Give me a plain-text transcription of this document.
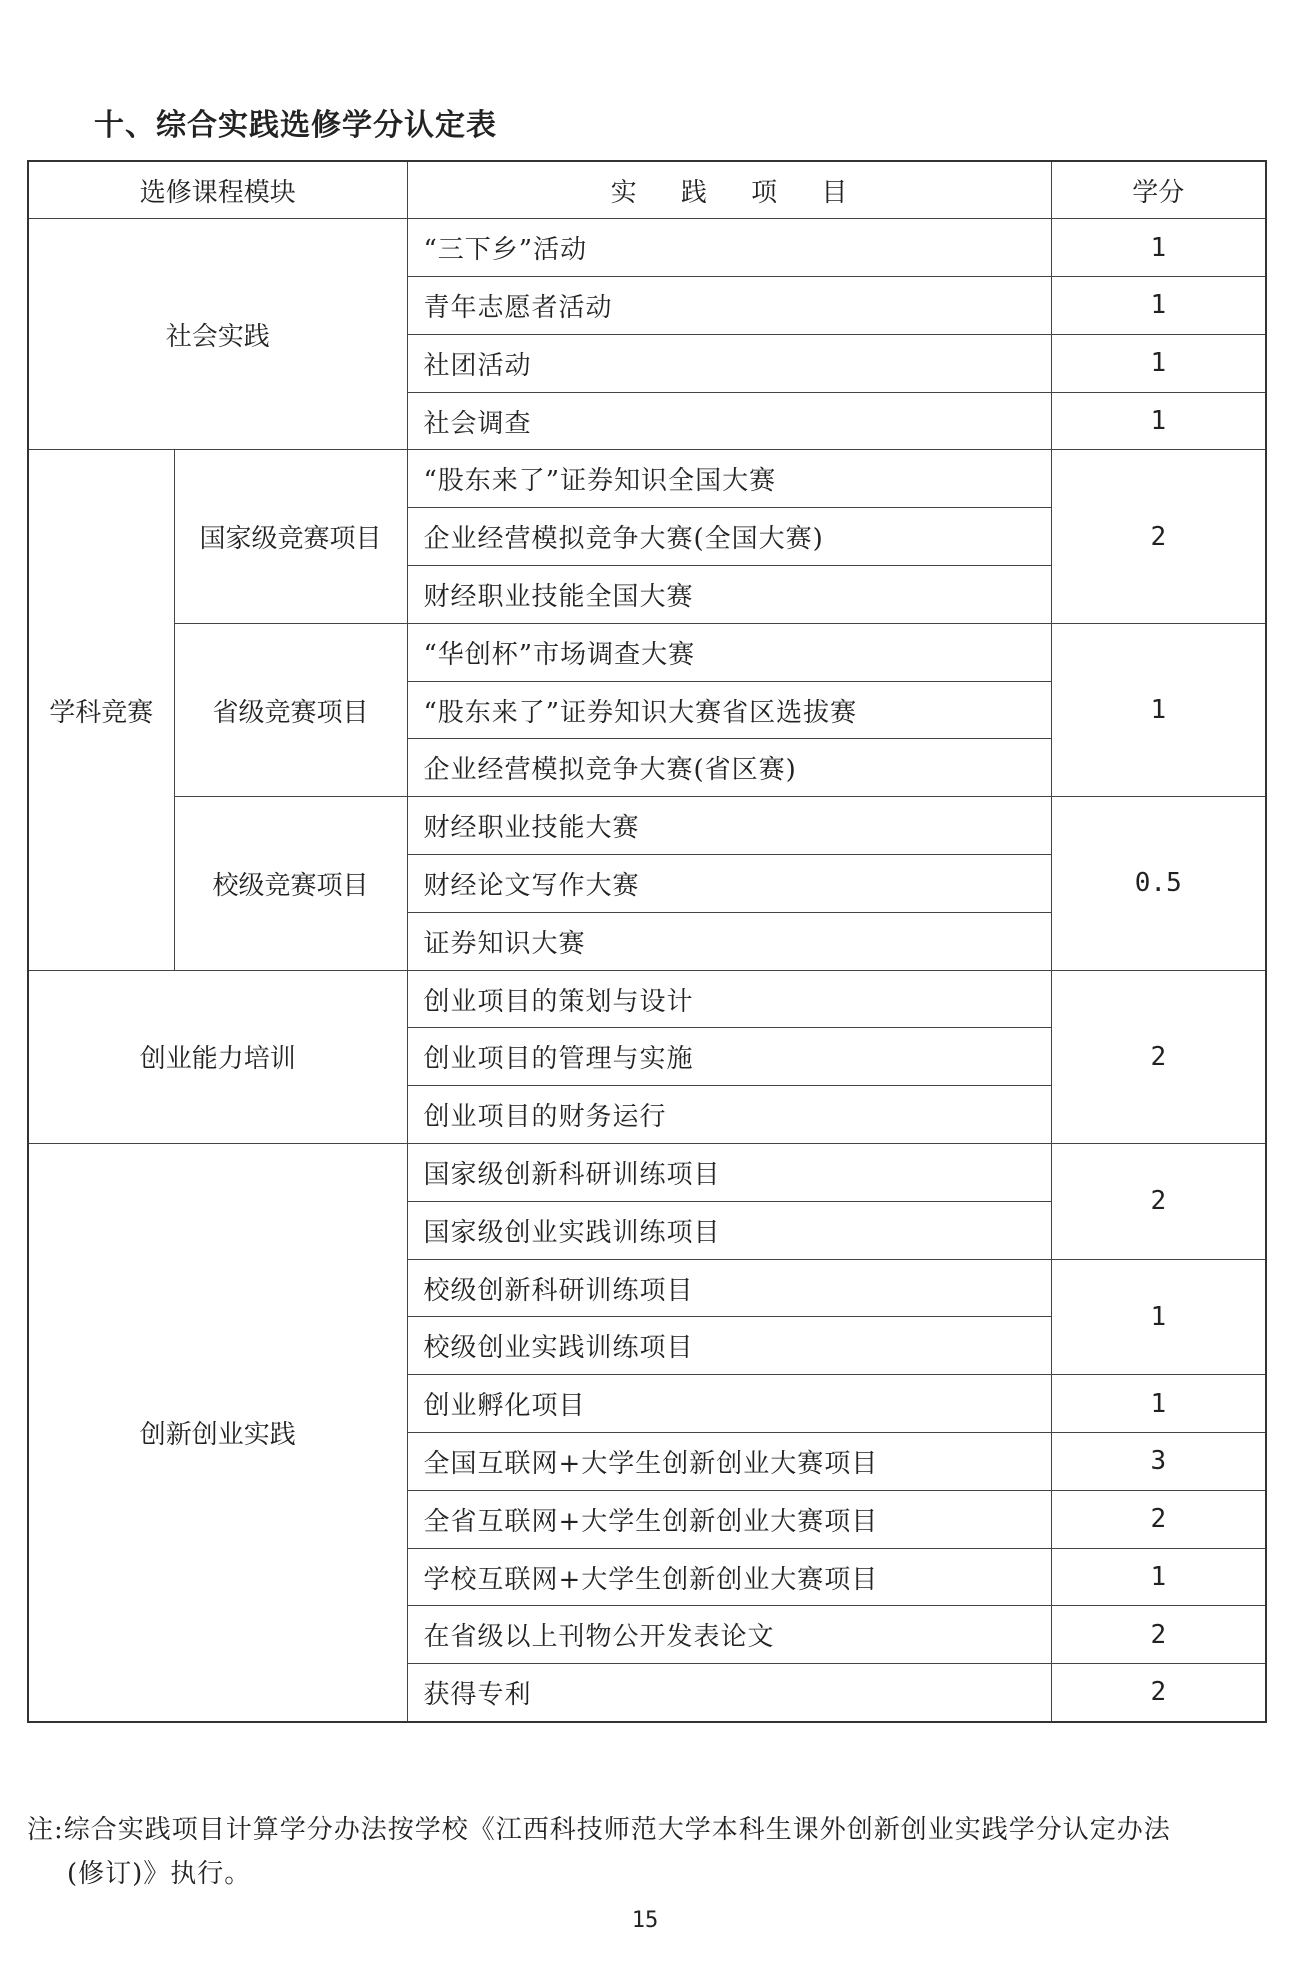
十、综合实践选修学分认定表
选修课程模块		实 践 项 目	学分
社会实践		“三下乡”活动	1
		青年志愿者活动	1
		社团活动	1
		社会调查	1
学科竞赛	国家级竞赛项目	“股东来了”证券知识全国大赛	2
		企业经营模拟竞争大赛(全国大赛)	
		财经职业技能全国大赛	
	省级竞赛项目	“华创杯”市场调查大赛	1
		“股东来了”证券知识大赛省区选拔赛	
		企业经营模拟竞争大赛(省区赛)	
	校级竞赛项目	财经职业技能大赛	0.5
		财经论文写作大赛	
		证券知识大赛	
创业能力培训		创业项目的策划与设计	2
		创业项目的管理与实施	
		创业项目的财务运行	
创新创业实践		国家级创新科研训练项目	2
		国家级创业实践训练项目	
		校级创新科研训练项目	1
		校级创业实践训练项目	
		创业孵化项目	1
		全国互联网+大学生创新创业大赛项目	3
		全省互联网+大学生创新创业大赛项目	2
		学校互联网+大学生创新创业大赛项目	1
		在省级以上刊物公开发表论文	2
		获得专利	2
注:综合实践项目计算学分办法按学校《江西科技师范大学本科生课外创新创业实践学分认定办法
(修订)》执行。
15
